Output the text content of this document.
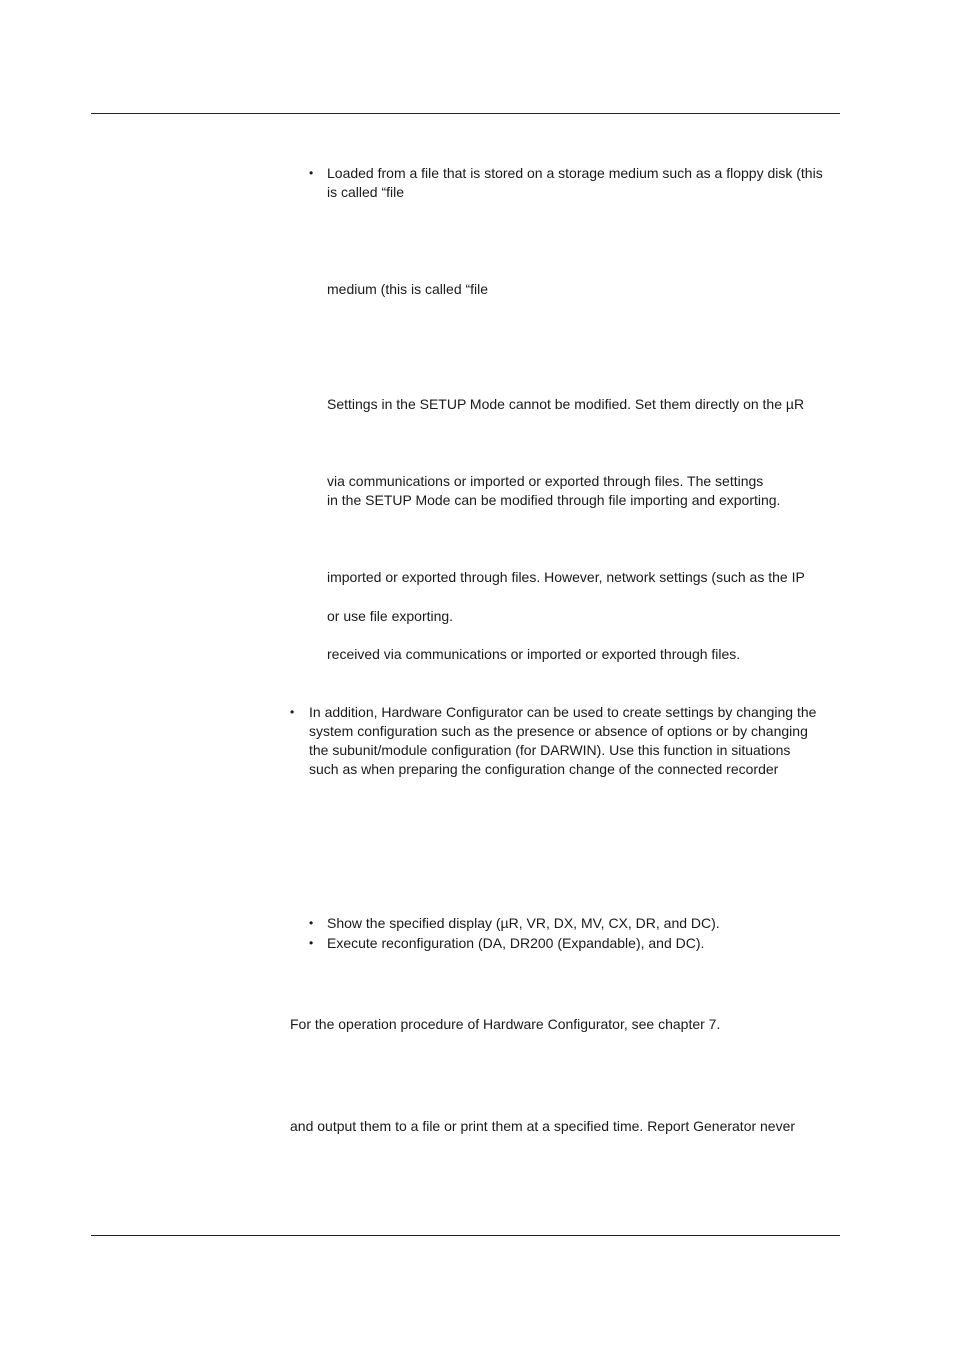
• Loaded from a file that is stored on a storage medium such as a floppy disk (this
is called “file
medium (this is called “file
Settings in the SETUP Mode cannot be modified. Set them directly on the µR
via communications or imported or exported through files. The settings
in the SETUP Mode can be modified through file importing and exporting.
imported or exported through files. However, network settings (such as the IP
or use file exporting.
received via communications or imported or exported through files.
• In addition, Hardware Configurator can be used to create settings by changing the
system configuration such as the presence or absence of options or by changing
the subunit/module configuration (for DARWIN). Use this function in situations
such as when preparing the configuration change of the connected recorder
• Show the specified display (µR, VR, DX, MV, CX, DR, and DC).
• Execute reconfiguration (DA, DR200 (Expandable), and DC).
For the operation procedure of Hardware Configurator, see chapter 7.
and output them to a file or print them at a specified time. Report Generator never
